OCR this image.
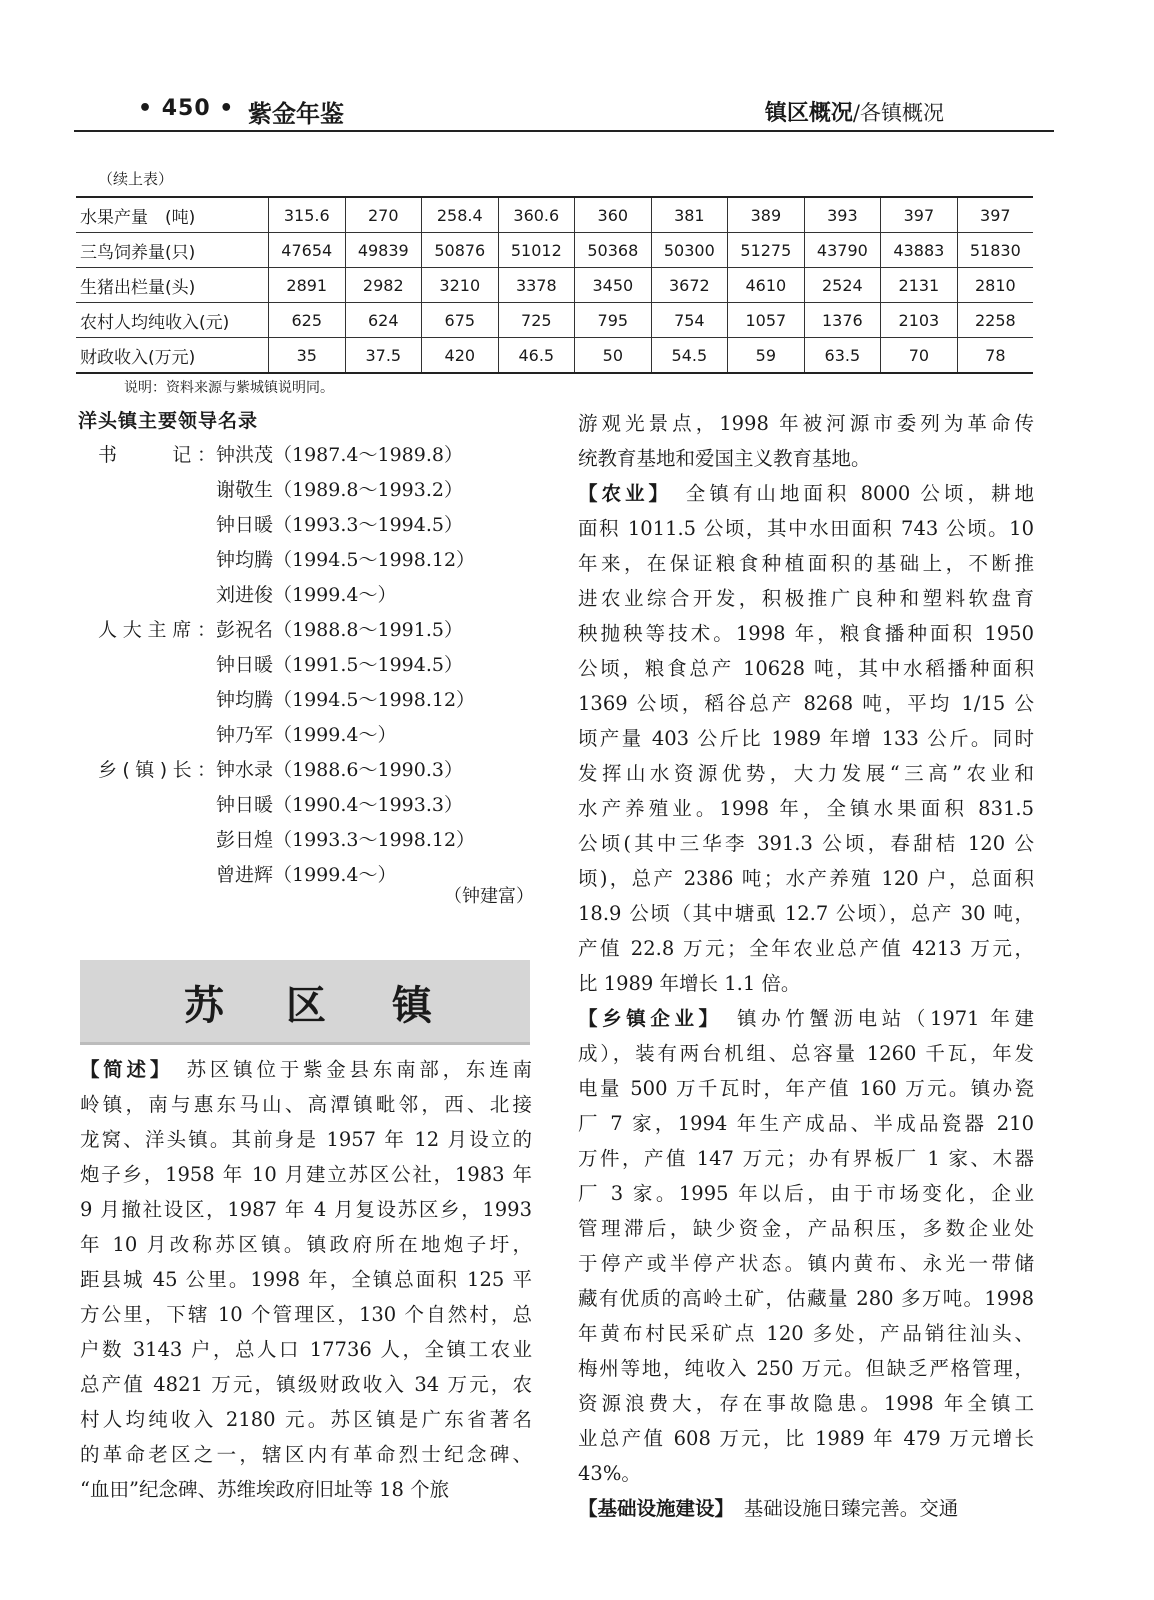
• 450 • 紫金年鉴	镇区概况/各镇概况
（续上表）
水果产量　(吨)	315.6	270	258.4	360.6	360	381	389	393	397	397
三鸟饲养量(只)	47654	49839	50876	51012	50368	50300	51275	43790	43883	51830
生猪出栏量(头)	2891	2982	3210	3378	3450	3672	4610	2524	2131	2810
农村人均纯收入(元)	625	624	675	725	795	754	1057	1376	2103	2258
财政收入(万元)	35	37.5	420	46.5	50	54.5	59	63.5	70	78
说明：资料来源与紫城镇说明同。
洋头镇主要领导名录
书　　记： 钟洪茂（1987.4～1989.8）
谢敬生（1989.8～1993.2）
钟日暖（1993.3～1994.5）
钟均腾（1994.5～1998.12）
刘进俊（1999.4～）
人大主席： 彭祝名（1988.8～1991.5）
钟日暖（1991.5～1994.5）
钟均腾（1994.5～1998.12）
钟乃军（1999.4～）
乡(镇)长： 钟水录（1988.6～1990.3）
钟日暖（1990.4～1993.3）
彭日煌（1993.3～1998.12）
曾进辉（1999.4～）
（钟建富）
苏 区 镇
【简述】　苏区镇位于紫金县东南部，东连南
岭镇，南与惠东马山、高潭镇毗邻，西、北接
龙窝、洋头镇。其前身是 1957 年 12 月设立的
炮子乡，1958 年 10 月建立苏区公社，1983 年
9 月撤社设区，1987 年 4 月复设苏区乡，1993
年 10 月改称苏区镇。镇政府所在地炮子圩，
距县城 45 公里。1998 年，全镇总面积 125 平
方公里，下辖 10 个管理区，130 个自然村，总
户数 3143 户，总人口 17736 人，全镇工农业
总产值 4821 万元，镇级财政收入 34 万元，农
村人均纯收入 2180 元。苏区镇是广东省著名
的革命老区之一，辖区内有革命烈士纪念碑、
“血田”纪念碑、苏维埃政府旧址等 18 个旅
游观光景点，1998 年被河源市委列为革命传
统教育基地和爱国主义教育基地。
【农业】　全镇有山地面积 8000 公顷，耕地
面积 1011.5 公顷，其中水田面积 743 公顷。10
年来，在保证粮食种植面积的基础上，不断推
进农业综合开发，积极推广良种和塑料软盘育
秧抛秧等技术。1998 年，粮食播种面积 1950
公顷，粮食总产 10628 吨，其中水稻播种面积
1369 公顷，稻谷总产 8268 吨，平均 1/15 公
顷产量 403 公斤比 1989 年增 133 公斤。同时
发挥山水资源优势，大力发展“三高”农业和
水产养殖业。1998 年，全镇水果面积 831.5
公顷(其中三华李 391.3 公顷，春甜桔 120 公
顷)，总产 2386 吨；水产养殖 120 户，总面积
18.9 公顷（其中塘虱 12.7 公顷），总产 30 吨，
产值 22.8 万元；全年农业总产值 4213 万元，
比 1989 年增长 1.1 倍。
【乡镇企业】　镇办竹蟹沥电站（1971 年建
成），装有两台机组、总容量 1260 千瓦，年发
电量 500 万千瓦时，年产值 160 万元。镇办瓷
厂 7 家，1994 年生产成品、半成品瓷器 210
万件，产值 147 万元；办有界板厂 1 家、木器
厂 3 家。1995 年以后，由于市场变化，企业
管理滞后，缺少资金，产品积压，多数企业处
于停产或半停产状态。镇内黄布、永光一带储
藏有优质的高岭土矿，估藏量 280 多万吨。1998
年黄布村民采矿点 120 多处，产品销往汕头、
梅州等地，纯收入 250 万元。但缺乏严格管理，
资源浪费大，存在事故隐患。1998 年全镇工
业总产值 608 万元，比 1989 年 479 万元增长
43%。
【基础设施建设】　基础设施日臻完善。交通
